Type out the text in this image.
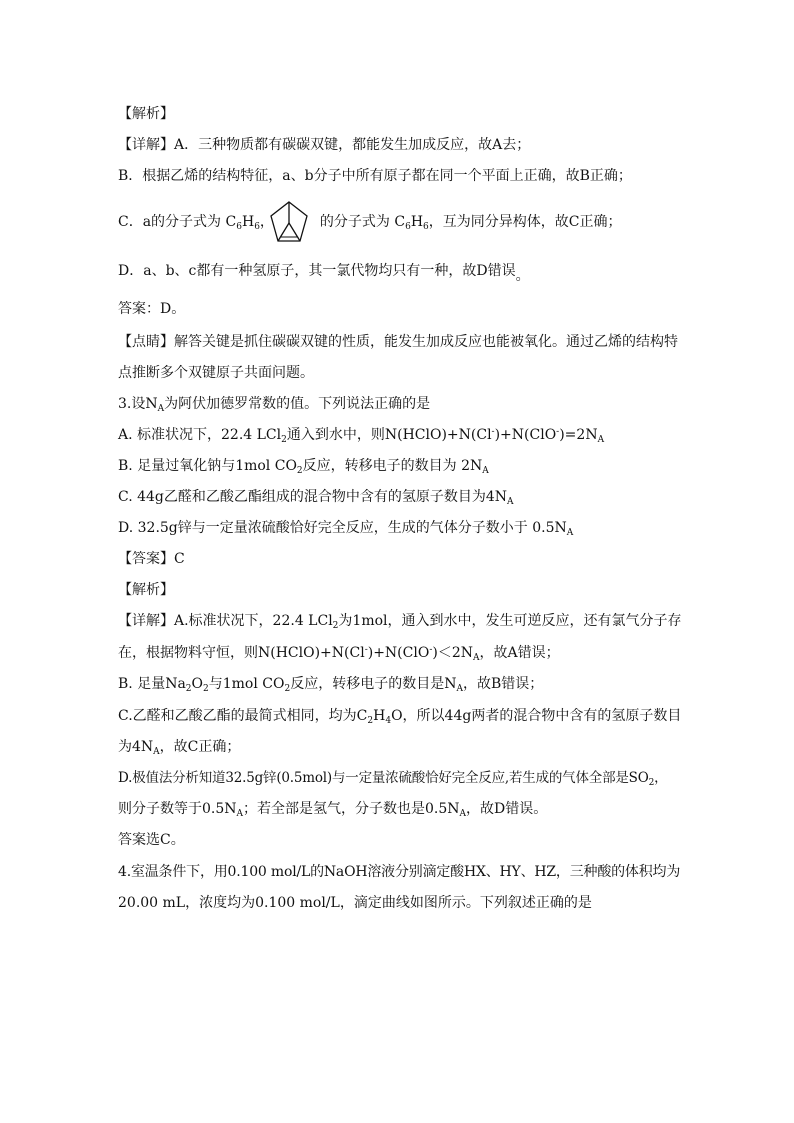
【解析】
【详解】A．三种物质都有碳碳双键，都能发生加成反应，故A去；
B．根据乙烯的结构特征，a、b分子中所有原子都在同一个平面上正确，故B正确；
C．a的分子式为 $C_6H_6$，	的分子式为 $C_6H_6$，互为同分异构体，故C正确；
D．a、b、c都有一种氢原子，其一氯代物均只有一种，故D错误。
答案：D。
【点睛】解答关键是抓住碳碳双键的性质，能发生加成反应也能被氧化。通过乙烯的结构特
点推断多个双键原子共面问题。
3.设$N_A$为阿伏加德罗常数的值。下列说法正确的是
A. 标准状况下，22.4 LCl$_2$通入到水中，则$N(HClO)+N(Cl^-)+N(ClO^-)=2N_A$
B. 足量过氧化钠与1mol $CO_2$反应，转移电子的数目为 $2N_A$
C. 44g乙醛和乙酸乙酯组成的混合物中含有的氢原子数目为$4N_A$
D. 32.5g锌与一定量浓硫酸恰好完全反应，生成的气体分子数小于 $0.5N_A$
【答案】C
【解析】
【详解】A.标准状况下，22.4 LCl$_2$为1mol，通入到水中，发生可逆反应，还有氯气分子存
在，根据物料守恒，则$N(HClO)+N(Cl^-)+N(ClO^-)<2N_A$，故A错误；
B. 足量$Na_2O_2$与1mol $CO_2$反应，转移电子的数目是$N_A$，故B错误；
C.乙醛和乙酸乙酯的最简式相同，均为$C_2H_4O$，所以44g两者的混合物中含有的氢原子数目
为$4N_A$，故C正确；
D.极值法分析知道32.5g锌(0.5mol)与一定量浓硫酸恰好完全反应,若生成的气体全部是$SO_2$，
则分子数等于$0.5N_A$；若全部是氢气，分子数也是$0.5N_A$，故D错误。
答案选C。
4.室温条件下，用0.100 mol/L的NaOH溶液分别滴定酸HX、HY、HZ，三种酸的体积均为
20.00 mL，浓度均为0.100 mol/L，滴定曲线如图所示。下列叙述正确的是
